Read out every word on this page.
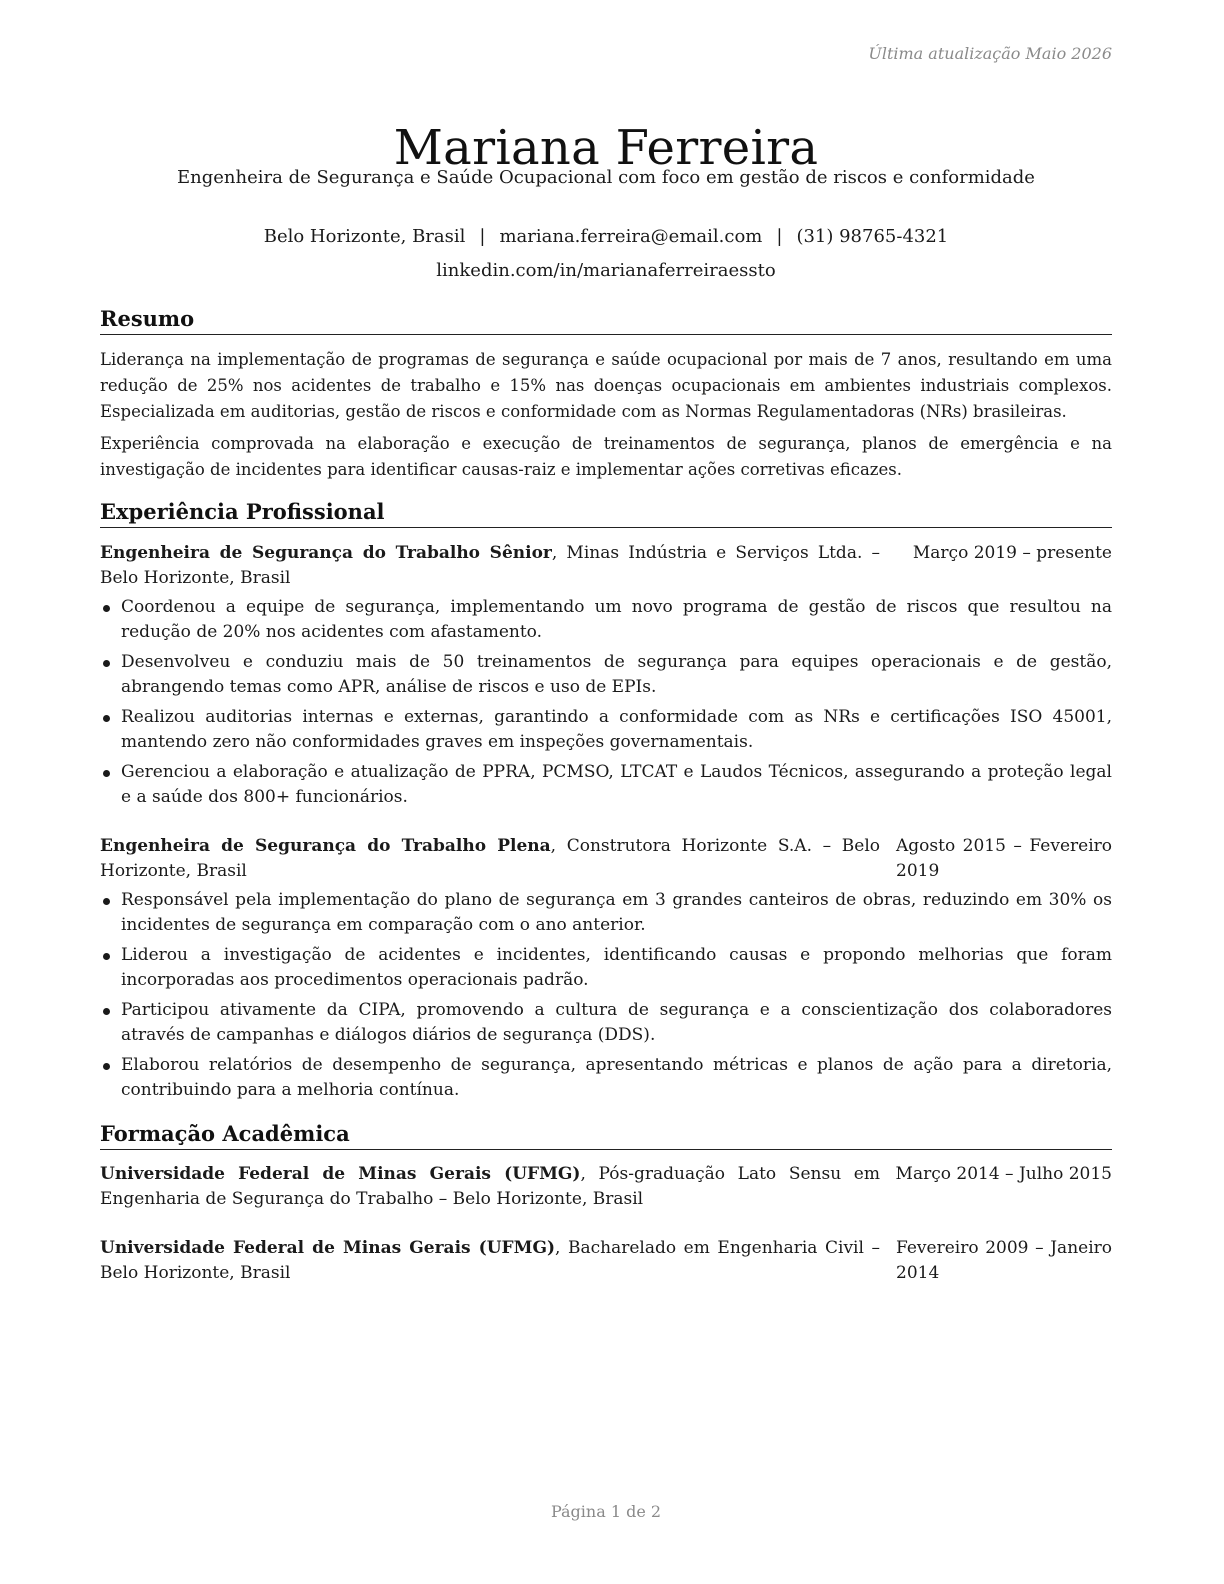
Última atualização Maio 2026
Mariana Ferreira
Engenheira de Segurança e Saúde Ocupacional com foco em gestão de riscos e conformidade
Belo Horizonte, Brasil | mariana.ferreira@email.com | (31) 98765-4321
linkedin.com/in/marianaferreiraessto
Resumo

Liderança na implementação de programas de segurança e saúde ocupacional por mais de 7 anos, resultando em uma redução de 25% nos acidentes de trabalho e 15% nas doenças ocupacionais em ambientes industriais complexos. Especializada em auditorias, gestão de riscos e conformidade com as Normas Regulamentadoras (NRs) brasileiras.

Experiência comprovada na elaboração e execução de treinamentos de segurança, planos de emergência e na investigação de incidentes para identificar causas-raiz e implementar ações corretivas eficazes.

Experiência Profissional
Engenheira de Segurança do Trabalho Sênior, Minas Indústria e Serviços Ltda. – Belo Horizonte, Brasil
Março 2019 – presente
Coordenou a equipe de segurança, implementando um novo programa de gestão de riscos que resultou na redução de 20% nos acidentes com afastamento.
Desenvolveu e conduziu mais de 50 treinamentos de segurança para equipes operacionais e de gestão, abrangendo temas como APR, análise de riscos e uso de EPIs.
Realizou auditorias internas e externas, garantindo a conformidade com as NRs e certificações ISO 45001, mantendo zero não conformidades graves em inspeções governamentais.
Gerenciou a elaboração e atualização de PPRA, PCMSO, LTCAT e Laudos Técnicos, assegurando a proteção legal e a saúde dos 800+ funcionários.
Engenheira de Segurança do Trabalho Plena, Construtora Horizonte S.A. – Belo Horizonte, Brasil
Agosto 2015 – Fevereiro 2019
Responsável pela implementação do plano de segurança em 3 grandes canteiros de obras, reduzindo em 30% os incidentes de segurança em comparação com o ano anterior.
Liderou a investigação de acidentes e incidentes, identificando causas e propondo melhorias que foram incorporadas aos procedimentos operacionais padrão.
Participou ativamente da CIPA, promovendo a cultura de segurança e a conscientização dos colaboradores através de campanhas e diálogos diários de segurança (DDS).
Elaborou relatórios de desempenho de segurança, apresentando métricas e planos de ação para a diretoria, contribuindo para a melhoria contínua.
Formação Acadêmica
Universidade Federal de Minas Gerais (UFMG), Pós-graduação Lato Sensu em Engenharia de Segurança do Trabalho – Belo Horizonte, Brasil
Março 2014 – Julho 2015
Universidade Federal de Minas Gerais (UFMG), Bacharelado em Engenharia Civil – Belo Horizonte, Brasil
Fevereiro 2009 – Janeiro 2014
Página 1 de 2
